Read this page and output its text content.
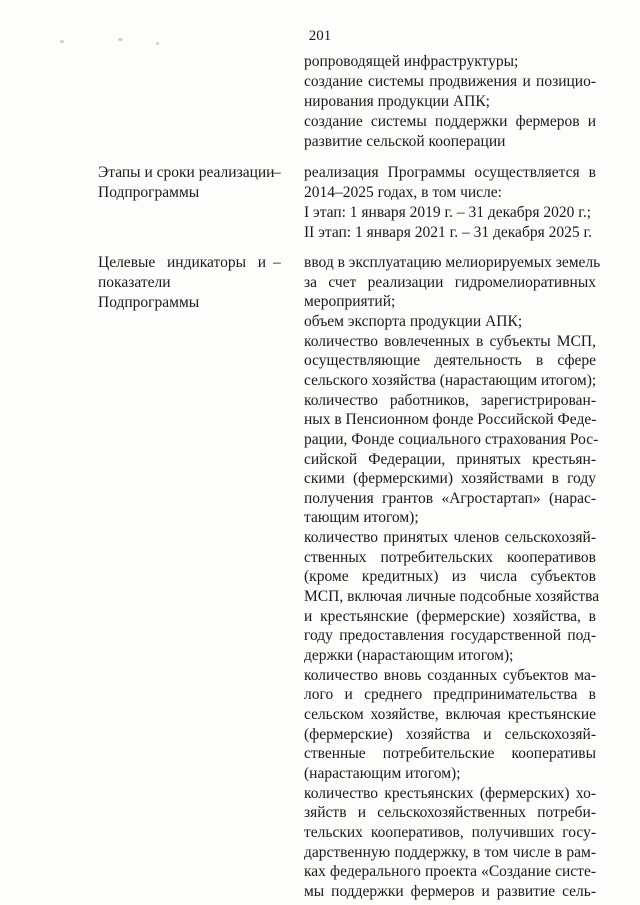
201
ропроводящей инфраструктуры;
создание системы продвижения и позицио-
нирования продукции АПК;
создание системы поддержки фермеров и
развитие сельской кооперации
Этапы и сроки реализации
Подпрограммы
– реализация Программы осуществляется в
2014–2025 годах, в том числе:
I этап: 1 января 2019 г. – 31 декабря 2020 г.;
II этап: 1 января 2021 г. – 31 декабря 2025 г.
Целевые индикаторы и
показатели
Подпрограммы
– ввод в эксплуатацию мелиорируемых земель
за счет реализации гидромелиоративных
мероприятий;
объем экспорта продукции АПК;
количество вовлеченных в субъекты МСП,
осуществляющие деятельность в сфере
сельского хозяйства (нарастающим итогом);
количество работников, зарегистрирован-
ных в Пенсионном фонде Российской Феде-
рации, Фонде социального страхования Рос-
сийской Федерации, принятых крестьян-
скими (фермерскими) хозяйствами в году
получения грантов «Агростартап» (нарас-
тающим итогом);
количество принятых членов сельскохозяй-
ственных потребительских кооперативов
(кроме кредитных) из числа субъектов
МСП, включая личные подсобные хозяйства
и крестьянские (фермерские) хозяйства, в
году предоставления государственной под-
держки (нарастающим итогом);
количество вновь созданных субъектов ма-
лого и среднего предпринимательства в
сельском хозяйстве, включая крестьянские
(фермерские) хозяйства и сельскохозяй-
ственные потребительские кооперативы
(нарастающим итогом);
количество крестьянских (фермерских) хо-
зяйств и сельскохозяйственных потреби-
тельских кооперативов, получивших госу-
дарственную поддержку, в том числе в рам-
ках федерального проекта «Создание систе-
мы поддержки фермеров и развитие сель-
